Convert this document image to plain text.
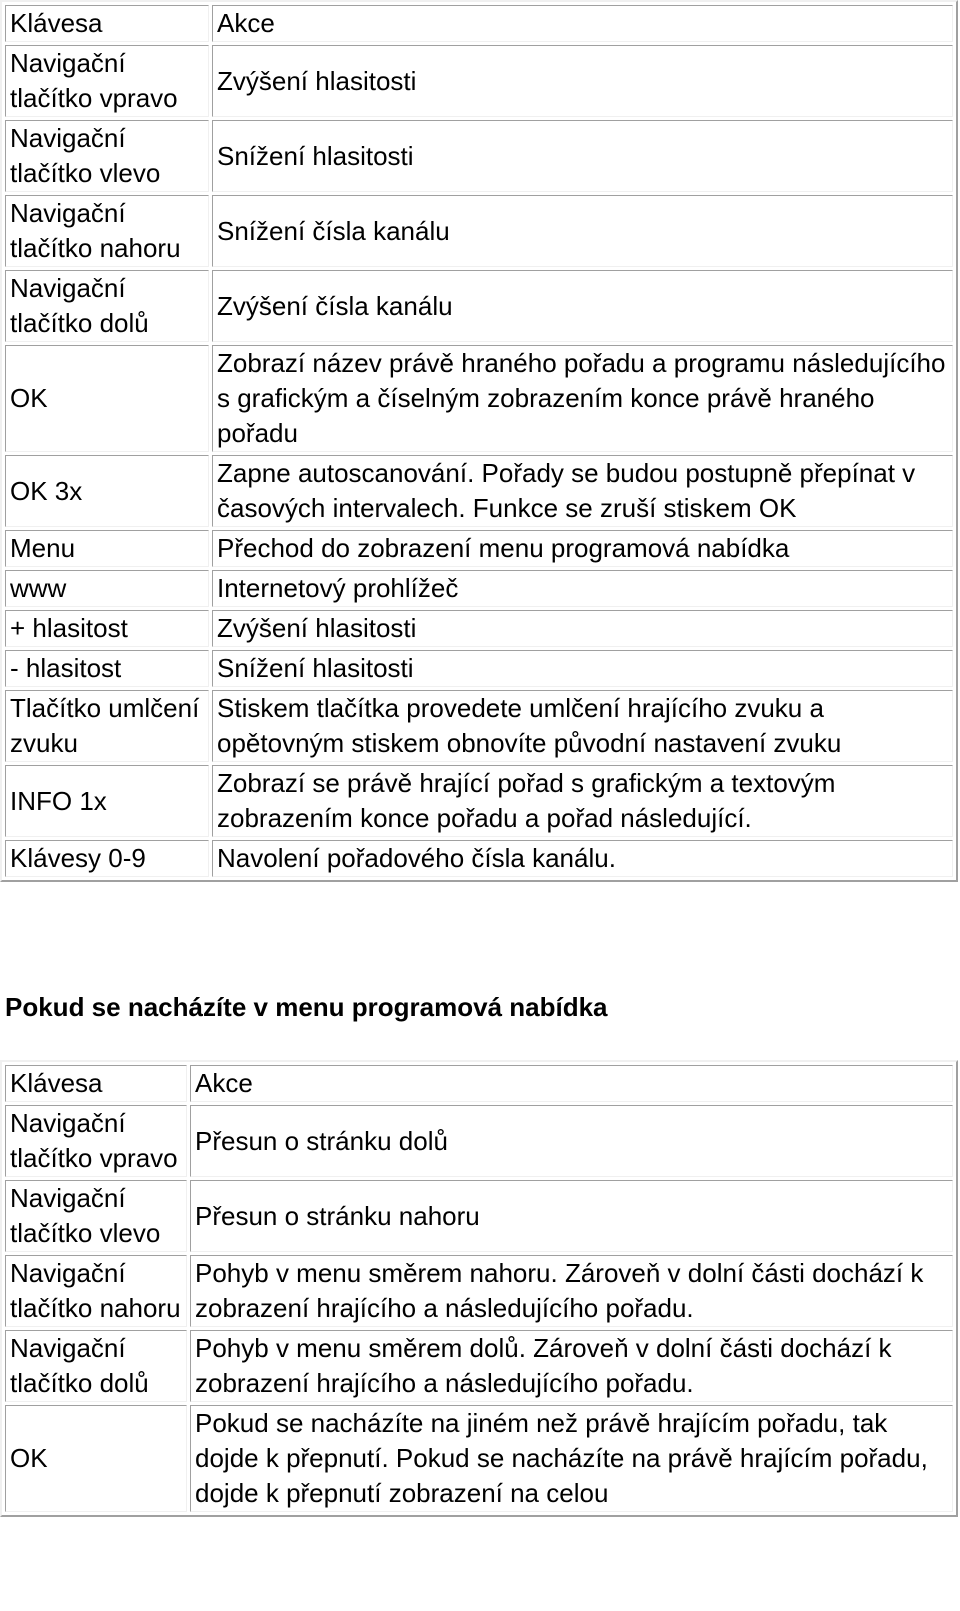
Klávesa	Akce
Navigační tlačítko vpravo	Zvýšení hlasitosti
Navigační tlačítko vlevo	Snížení hlasitosti
Navigační tlačítko nahoru	Snížení čísla kanálu
Navigační tlačítko dolů	Zvýšení čísla kanálu
OK	Zobrazí název právě hraného pořadu a programu následujícího s grafickým a číselným zobrazením konce právě hraného pořadu
OK 3x	Zapne autoscanování. Pořady se budou postupně přepínat v časových intervalech. Funkce se zruší stiskem OK
Menu	Přechod do zobrazení menu programová nabídka
www	Internetový prohlížeč
+ hlasitost	Zvýšení hlasitosti
- hlasitost	Snížení hlasitosti
Tlačítko umlčení zvuku	Stiskem tlačítka provedete umlčení hrajícího zvuku a opětovným stiskem obnovíte původní nastavení zvuku
INFO 1x	Zobrazí se právě hrající pořad s grafickým a textovým zobrazením konce pořadu a pořad následující.
Klávesy 0-9	Navolení pořadového čísla kanálu.
Pokud se nacházíte v menu programová nabídka
Klávesa	Akce
Navigační tlačítko vpravo	Přesun o stránku dolů
Navigační tlačítko vlevo	Přesun o stránku nahoru
Navigační tlačítko nahoru	Pohyb v menu směrem nahoru. Zároveň v dolní části dochází k zobrazení hrajícího a následujícího pořadu.
Navigační tlačítko dolů	Pohyb v menu směrem dolů. Zároveň v dolní části dochází k zobrazení hrajícího a následujícího pořadu.
OK	Pokud se nacházíte na jiném než právě hrajícím pořadu, tak dojde k přepnutí. Pokud se nacházíte na právě hrajícím pořadu, dojde k přepnutí zobrazení na celou
